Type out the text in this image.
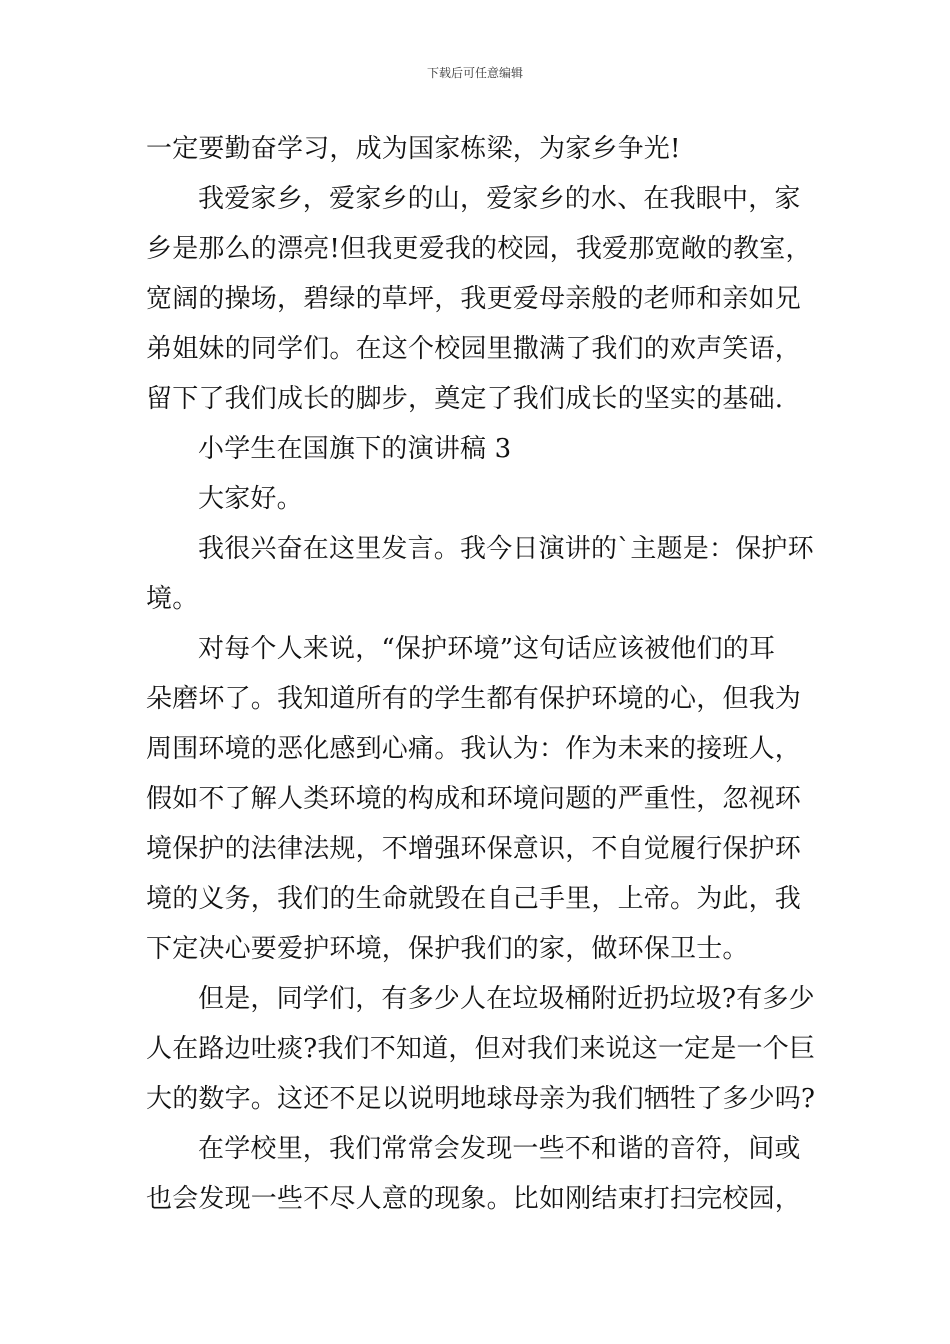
下载后可任意编辑
一定要勤奋学习，成为国家栋梁，为家乡争光!
我爱家乡，爱家乡的山，爱家乡的水、在我眼中，家
乡是那么的漂亮!但我更爱我的校园，我爱那宽敞的教室，
宽阔的操场，碧绿的草坪，我更爱母亲般的老师和亲如兄
弟姐妹的同学们。在这个校园里撒满了我们的欢声笑语，
留下了我们成长的脚步，奠定了我们成长的坚实的基础.
小学生在国旗下的演讲稿 3
大家好。
我很兴奋在这里发言。我今日演讲的`主题是：保护环
境。
对每个人来说，“保护环境”这句话应该被他们的耳
朵磨坏了。我知道所有的学生都有保护环境的心，但我为
周围环境的恶化感到心痛。我认为：作为未来的接班人，
假如不了解人类环境的构成和环境问题的严重性，忽视环
境保护的法律法规，不增强环保意识，不自觉履行保护环
境的义务，我们的生命就毁在自己手里，上帝。为此，我
下定决心要爱护环境，保护我们的家，做环保卫士。
但是，同学们，有多少人在垃圾桶附近扔垃圾?有多少
人在路边吐痰?我们不知道，但对我们来说这一定是一个巨
大的数字。这还不足以说明地球母亲为我们牺牲了多少吗?
在学校里，我们常常会发现一些不和谐的音符，间或
也会发现一些不尽人意的现象。比如刚结束打扫完校园，
